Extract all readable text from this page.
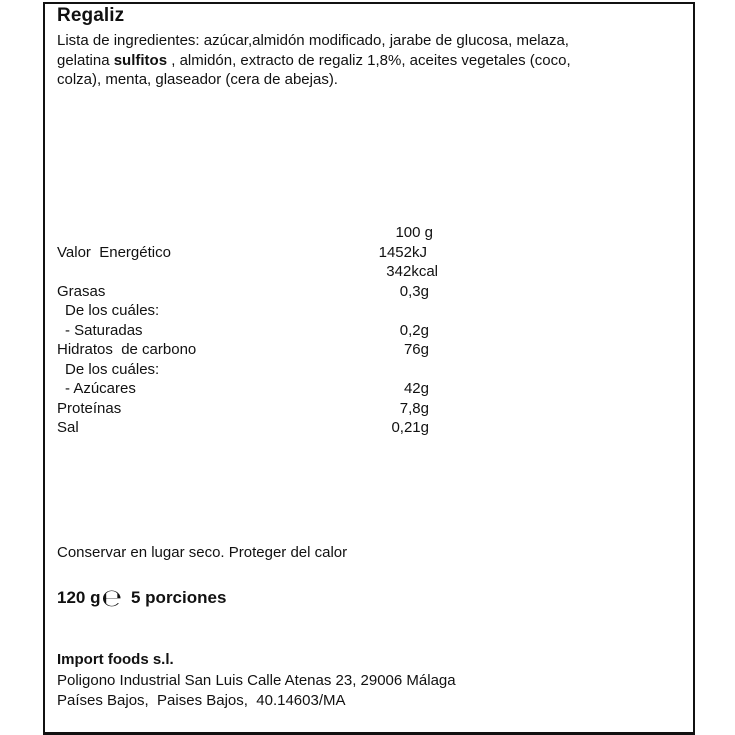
Regaliz
Lista de ingredientes: azúcar,almidón modificado, jarabe de glucosa, melaza,
gelatina sulfitos , almidón, extracto de regaliz 1,8%, aceites vegetales (coco,
colza), menta, glaseador (cera de abejas).
100 g
Valor  Energético	1452kJ
342kcal
Grasas	0,3g
De los cuáles:
- Saturadas	0,2g
Hidratos  de carbono	76g
De los cuáles:
- Azúcares	42g
Proteínas	7,8g
Sal	0,21g
Conservar en lugar seco. Proteger del calor
120 g ℮ 5 porciones
Import foods s.l.
Poligono Industrial San Luis Calle Atenas 23, 29006 Málaga
Países Bajos,  Paises Bajos,  40.14603/MA
